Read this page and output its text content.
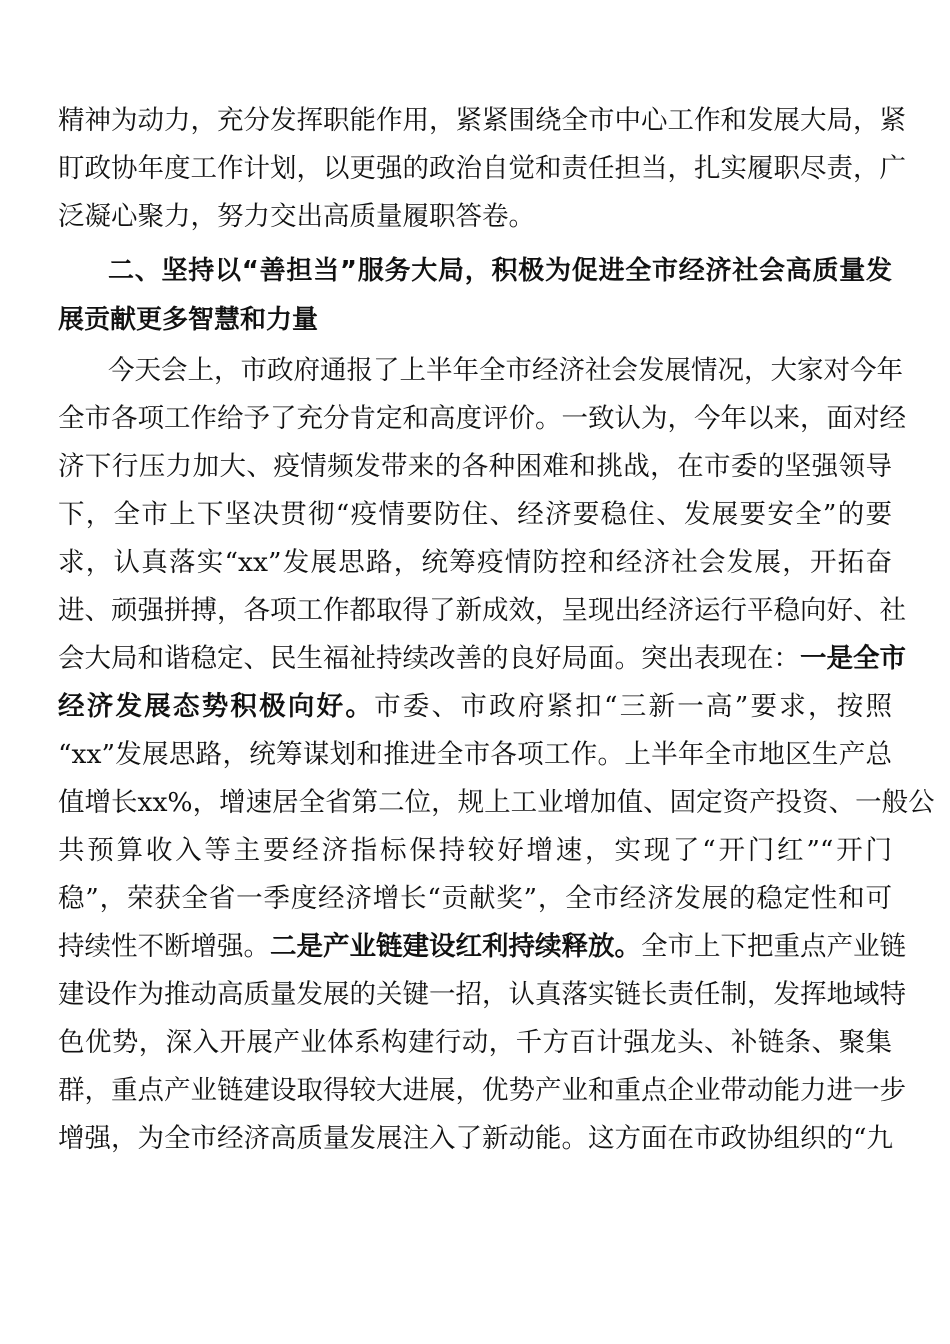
精神为动力，充分发挥职能作用，紧紧围绕全市中心工作和发展大局，紧
盯政协年度工作计划，以更强的政治自觉和责任担当，扎实履职尽责，广
泛凝心聚力，努力交出高质量履职答卷。
二、坚持以“善担当”服务大局，积极为促进全市经济社会高质量发
展贡献更多智慧和力量
今天会上，市政府通报了上半年全市经济社会发展情况，大家对今年
全市各项工作给予了充分肯定和高度评价。一致认为，今年以来，面对经
济下行压力加大、疫情频发带来的各种困难和挑战，在市委的坚强领导
下，全市上下坚决贯彻“疫情要防住、经济要稳住、发展要安全”的要
求，认真落实“xx”发展思路，统筹疫情防控和经济社会发展，开拓奋
进、顽强拼搏，各项工作都取得了新成效，呈现出经济运行平稳向好、社
会大局和谐稳定、民生福祉持续改善的良好局面。突出表现在：一是全市
经济发展态势积极向好。市委、市政府紧扣“三新一高”要求，按照
“xx”发展思路，统筹谋划和推进全市各项工作。上半年全市地区生产总
值增长xx%，增速居全省第二位，规上工业增加值、固定资产投资、一般公
共预算收入等主要经济指标保持较好增速，实现了“开门红”“开门
稳”，荣获全省一季度经济增长“贡献奖”，全市经济发展的稳定性和可
持续性不断增强。二是产业链建设红利持续释放。全市上下把重点产业链
建设作为推动高质量发展的关键一招，认真落实链长责任制，发挥地域特
色优势，深入开展产业体系构建行动，千方百计强龙头、补链条、聚集
群，重点产业链建设取得较大进展，优势产业和重点企业带动能力进一步
增强，为全市经济高质量发展注入了新动能。这方面在市政协组织的“九
